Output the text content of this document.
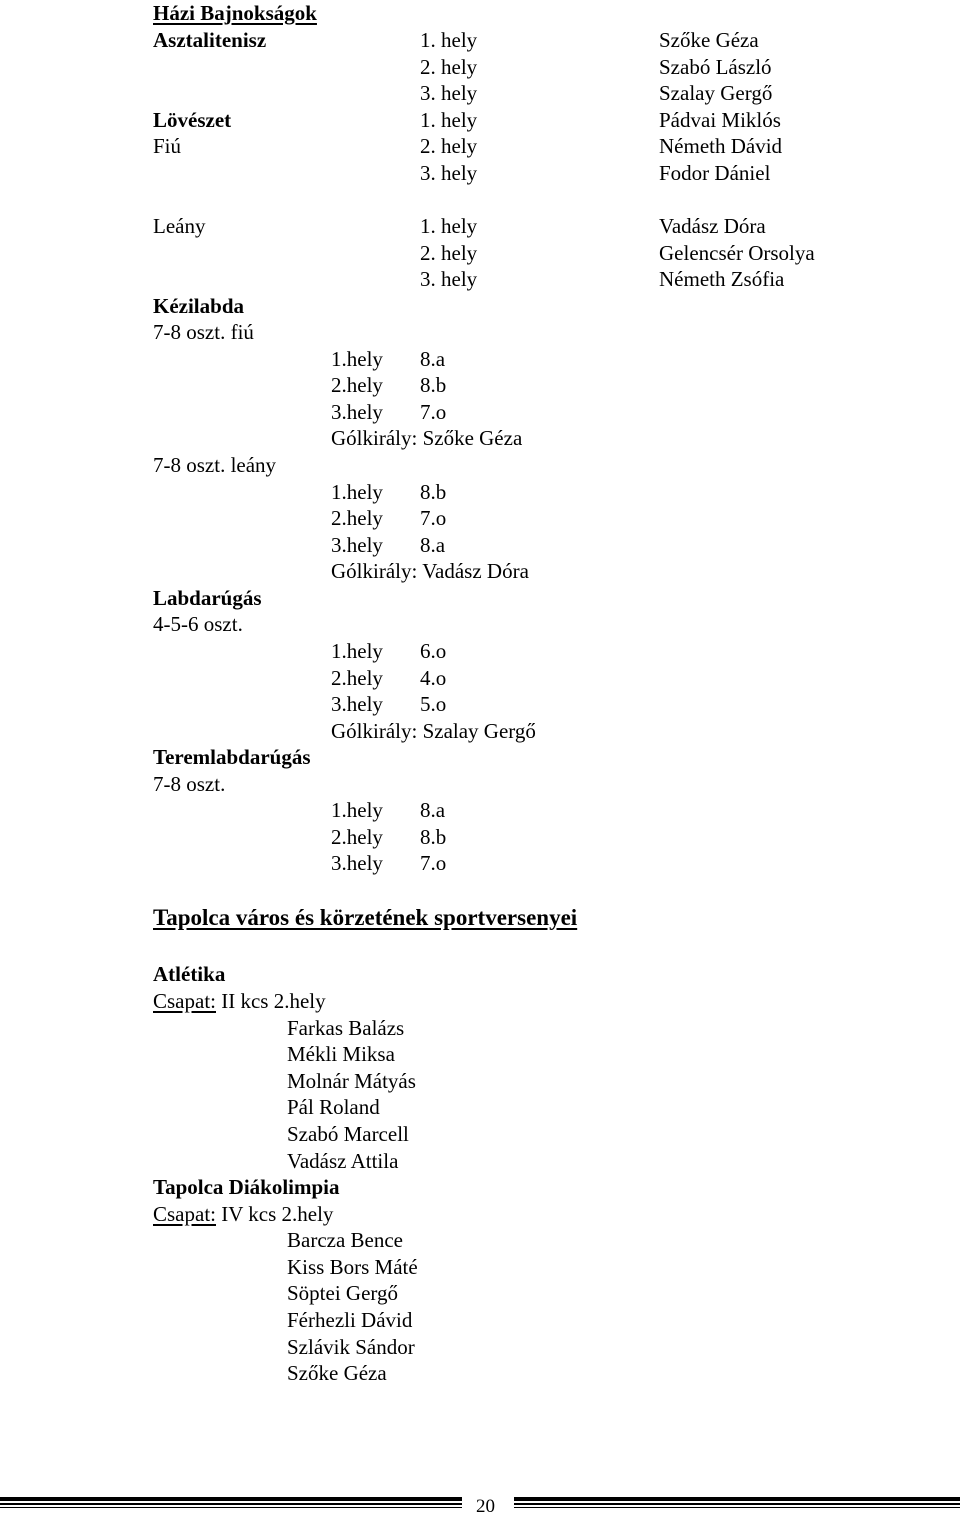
Házi Bajnokságok
Asztalitenisz	1. hely	Szőke Géza
2. hely	Szabó László
3. hely	Szalay Gergő
Lövészet	1. hely	Pádvai Miklós
Fiú	2. hely	Németh Dávid
3. hely	Fodor Dániel
Leány	1. hely	Vadász Dóra
2. hely	Gelencsér Orsolya
3. hely	Németh Zsófia
Kézilabda
7-8 oszt. fiú
1.hely 8.a
2.hely 8.b
3.hely 7.o
Gólkirály: Szőke Géza
7-8 oszt. leány
1.hely 8.b
2.hely 7.o
3.hely 8.a
Gólkirály: Vadász Dóra
Labdarúgás
4-5-6 oszt.
1.hely 6.o
2.hely 4.o
3.hely 5.o
Gólkirály: Szalay Gergő
Teremlabdarúgás
7-8 oszt.
1.hely 8.a
2.hely 8.b
3.hely 7.o
Tapolca város és körzetének sportversenyei
Atlétika
Csapat: II kcs 2.hely
Farkas Balázs
Mékli Miksa
Molnár Mátyás
Pál Roland
Szabó Marcell
Vadász Attila
Tapolca Diákolimpia
Csapat: IV kcs 2.hely
Barcza Bence
Kiss Bors Máté
Söptei Gergő
Férhezli Dávid
Szlávik Sándor
Szőke Géza
20
